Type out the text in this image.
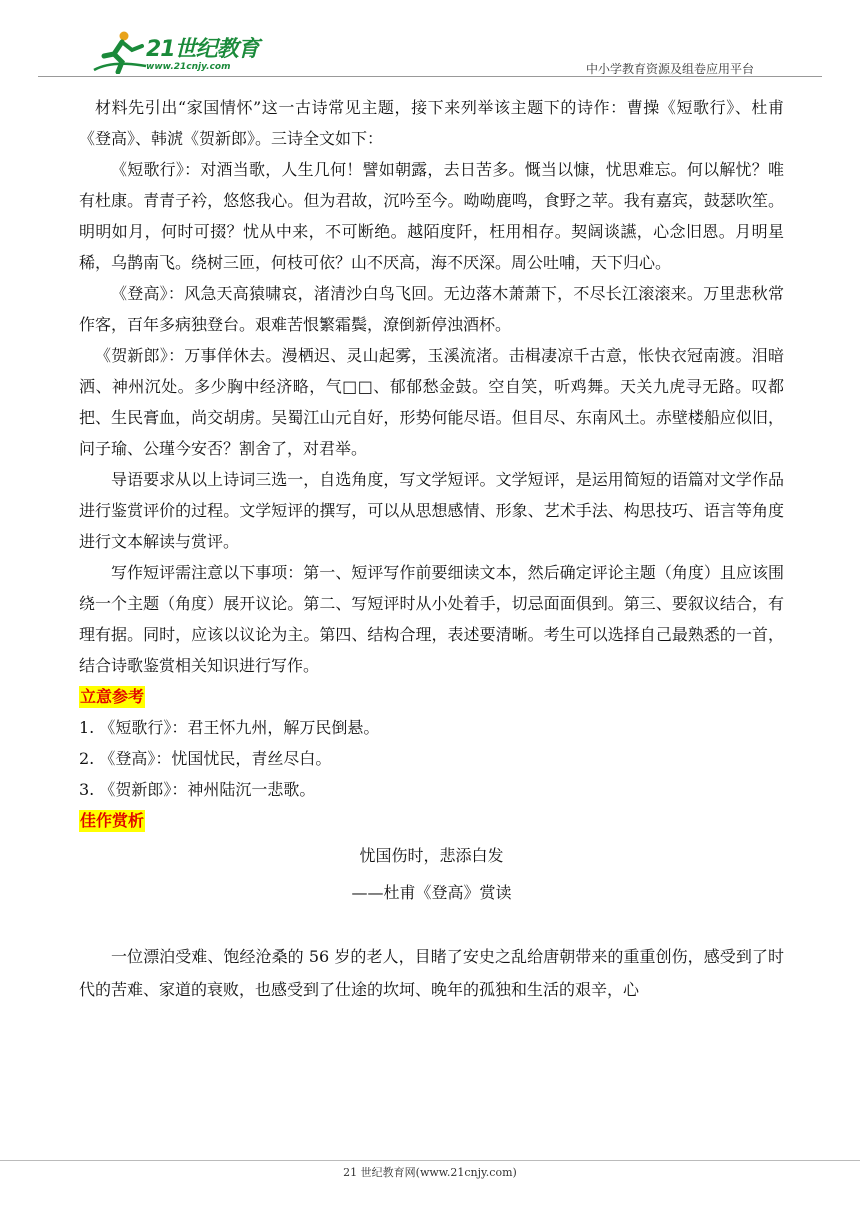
21世纪教育
www.21cnjy.com	中小学教育资源及组卷应用平台

材料先引出“家国情怀”这一古诗常见主题，接下来列举该主题下的诗作：曹操《短歌行》、杜甫《登高》、韩淲《贺新郎》。三诗全文如下：

《短歌行》：对酒当歌，人生几何！譬如朝露，去日苦多。慨当以慷，忧思难忘。何以解忧？唯有杜康。青青子衿，悠悠我心。但为君故，沉吟至今。呦呦鹿鸣，食野之苹。我有嘉宾，鼓瑟吹笙。明明如月，何时可掇？忧从中来，不可断绝。越陌度阡，枉用相存。契阔谈讌，心念旧恩。月明星稀，乌鹊南飞。绕树三匝，何枝可依？山不厌高，海不厌深。周公吐哺，天下归心。

《登高》：风急天高猿啸哀，渚清沙白鸟飞回。无边落木萧萧下，不尽长江滚滚来。万里悲秋常作客，百年多病独登台。艰难苦恨繁霜鬓，潦倒新停浊酒杯。

《贺新郎》：万事佯休去。漫栖迟、灵山起雾，玉溪流渚。击楫凄凉千古意，怅快衣冠南渡。泪暗洒、神州沉处。多少胸中经济略，气□□、郁郁愁金鼓。空自笑，听鸡舞。天关九虎寻无路。叹都把、生民膏血，尚交胡虏。吴蜀江山元自好，形势何能尽语。但目尽、东南风土。赤壁楼船应似旧，问子瑜、公瑾今安否？割舍了，对君举。

导语要求从以上诗词三选一，自选角度，写文学短评。文学短评，是运用简短的语篇对文学作品进行鉴赏评价的过程。文学短评的撰写，可以从思想感情、形象、艺术手法、构思技巧、语言等角度进行文本解读与赏评。

写作短评需注意以下事项：第一、短评写作前要细读文本，然后确定评论主题（角度）且应该围绕一个主题（角度）展开议论。第二、写短评时从小处着手，切忌面面俱到。第三、要叙议结合，有理有据。同时，应该以议论为主。第四、结构合理，表述要清晰。考生可以选择自己最熟悉的一首，结合诗歌鉴赏相关知识进行写作。

立意参考
1. 《短歌行》：君王怀九州，解万民倒悬。
2. 《登高》：忧国忧民，青丝尽白。
3. 《贺新郎》：神州陆沉一悲歌。
佳作赏析
忧国伤时，悲添白发
——杜甫《登高》赏读

一位漂泊受难、饱经沧桑的 56 岁的老人，目睹了安史之乱给唐朝带来的重重创伤，感受到了时代的苦难、家道的衰败，也感受到了仕途的坎坷、晚年的孤独和生活的艰辛，心

21 世纪教育网(www.21cnjy.com)
